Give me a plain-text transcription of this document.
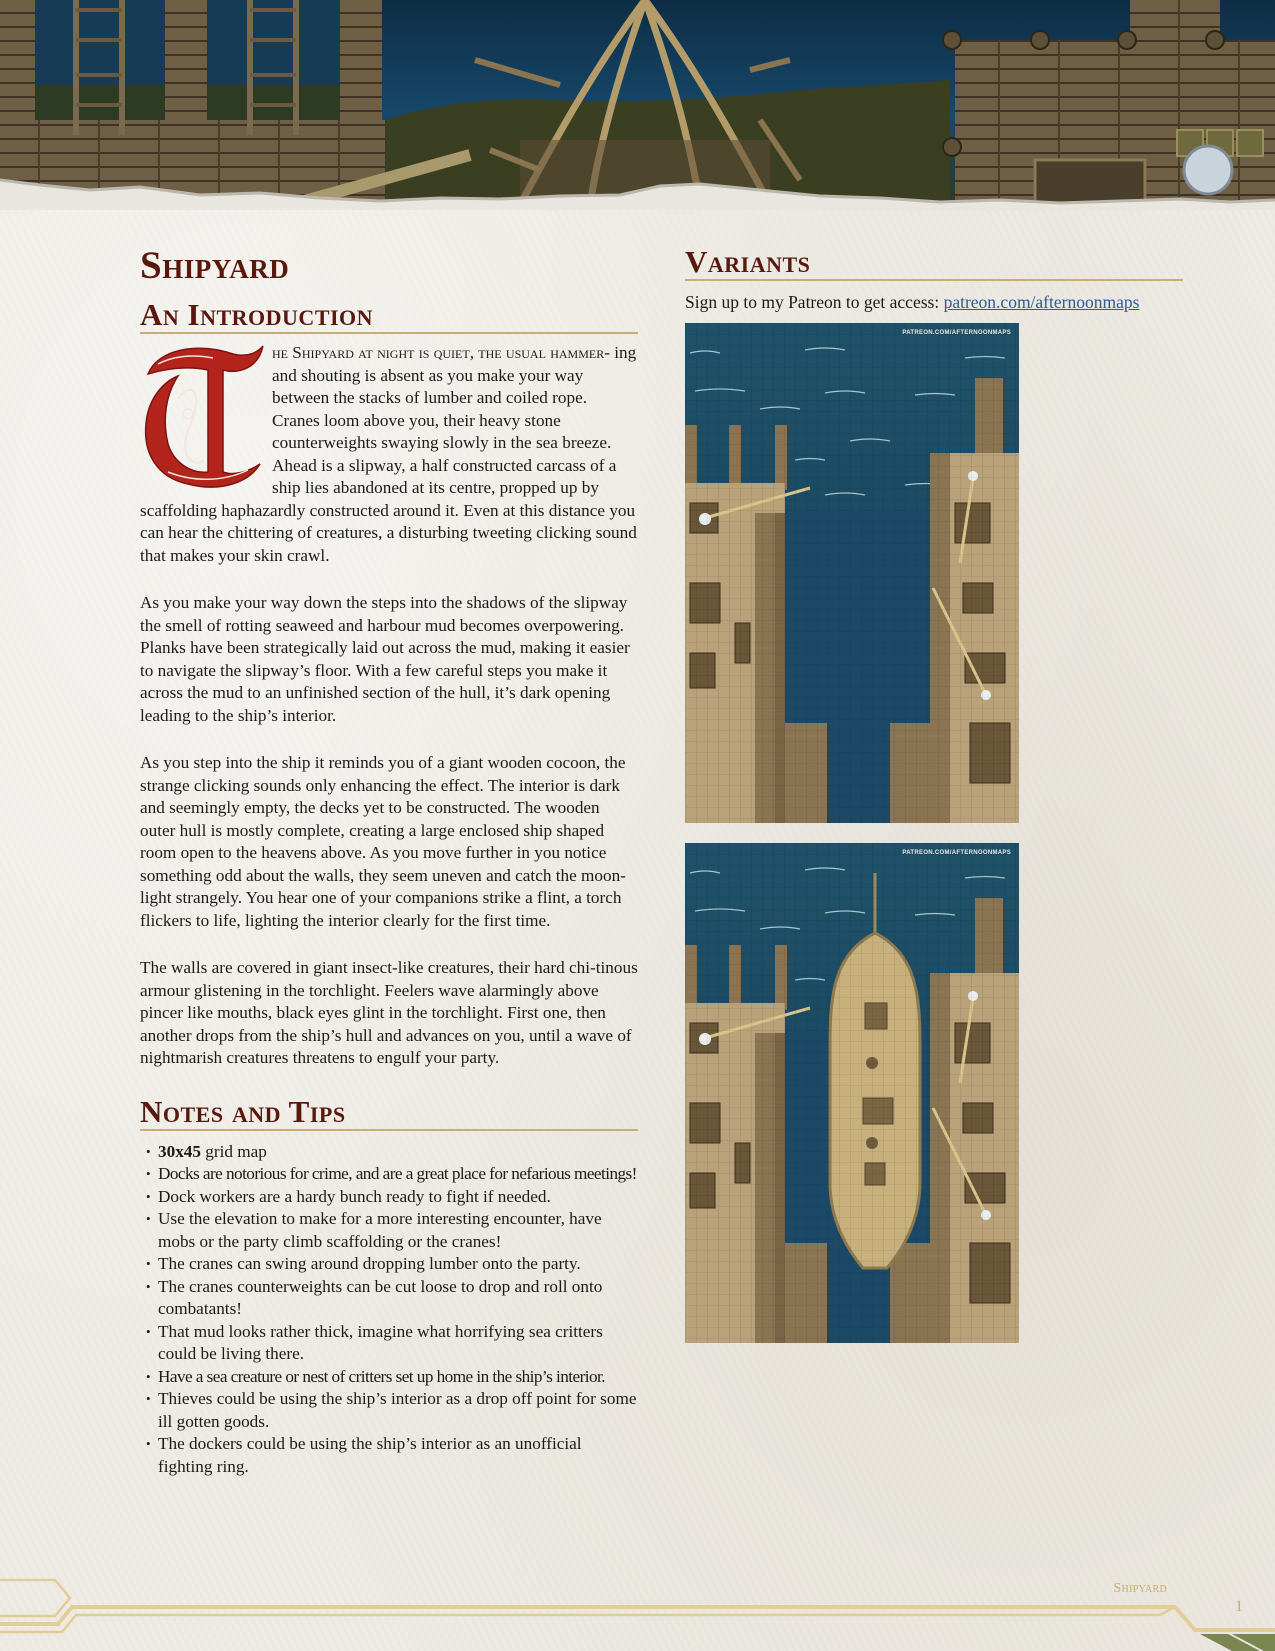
Shipyard
An Introduction

he Shipyard at night is quiet, the usual hammer- ing and shouting is absent as you make your way between the stacks of lumber and coiled rope. Cranes loom above you, their heavy stone counterweights swaying slowly in the sea breeze. Ahead is a slipway, a half constructed carcass of a ship lies abandoned at its centre, propped up by scaffolding haphazardly constructed around it. Even at this distance you can hear the chittering of creatures, a disturbing tweeting clicking sound that makes your skin crawl.

As you make your way down the steps into the shadows of the slipway the smell of rotting seaweed and harbour mud becomes overpowering. Planks have been strategically laid out across the mud, making it easier to navigate the slipway’s floor. With a few careful steps you make it across the mud to an unfinished section of the hull, it’s dark opening leading to the ship’s interior.

As you step into the ship it reminds you of a giant wooden cocoon, the strange clicking sounds only enhancing the effect. The interior is dark and seemingly empty, the decks yet to be constructed. The wooden outer hull is mostly complete, creating a large enclosed ship shaped room open to the heavens above. As you move further in you notice something odd about the walls, they seem uneven and catch the moon-light strangely. You hear one of your companions strike a flint, a torch flickers to life, lighting the interior clearly for the first time.

The walls are covered in giant insect-like creatures, their hard chi-tinous armour glistening in the torchlight. Feelers wave alarmingly above pincer like mouths, black eyes glint in the torchlight. First one, then another drops from the ship’s hull and advances on you, until a wave of nightmarish creatures threatens to engulf your party.

Notes and Tips
• 30x45 grid map
• Docks are notorious for crime, and are a great place for nefarious meetings!
• Dock workers are a hardy bunch ready to fight if needed.
• Use the elevation to make for a more interesting encounter, have mobs or the party climb scaffolding or the cranes!
• The cranes can swing around dropping lumber onto the party.
• The cranes counterweights can be cut loose to drop and roll onto combatants!
• That mud looks rather thick, imagine what horrifying sea critters could be living there.
• Have a sea creature or nest of critters set up home in the ship’s interior.
• Thieves could be using the ship’s interior as a drop off point for some ill gotten goods.
• The dockers could be using the ship’s interior as an unofficial fighting ring.
Variants
Sign up to my Patreon to get access: patreon.com/afternoonmaps
PATREON.COM/AFTERNOONMAPS
PATREON.COM/AFTERNOONMAPS
Shipyard
1
